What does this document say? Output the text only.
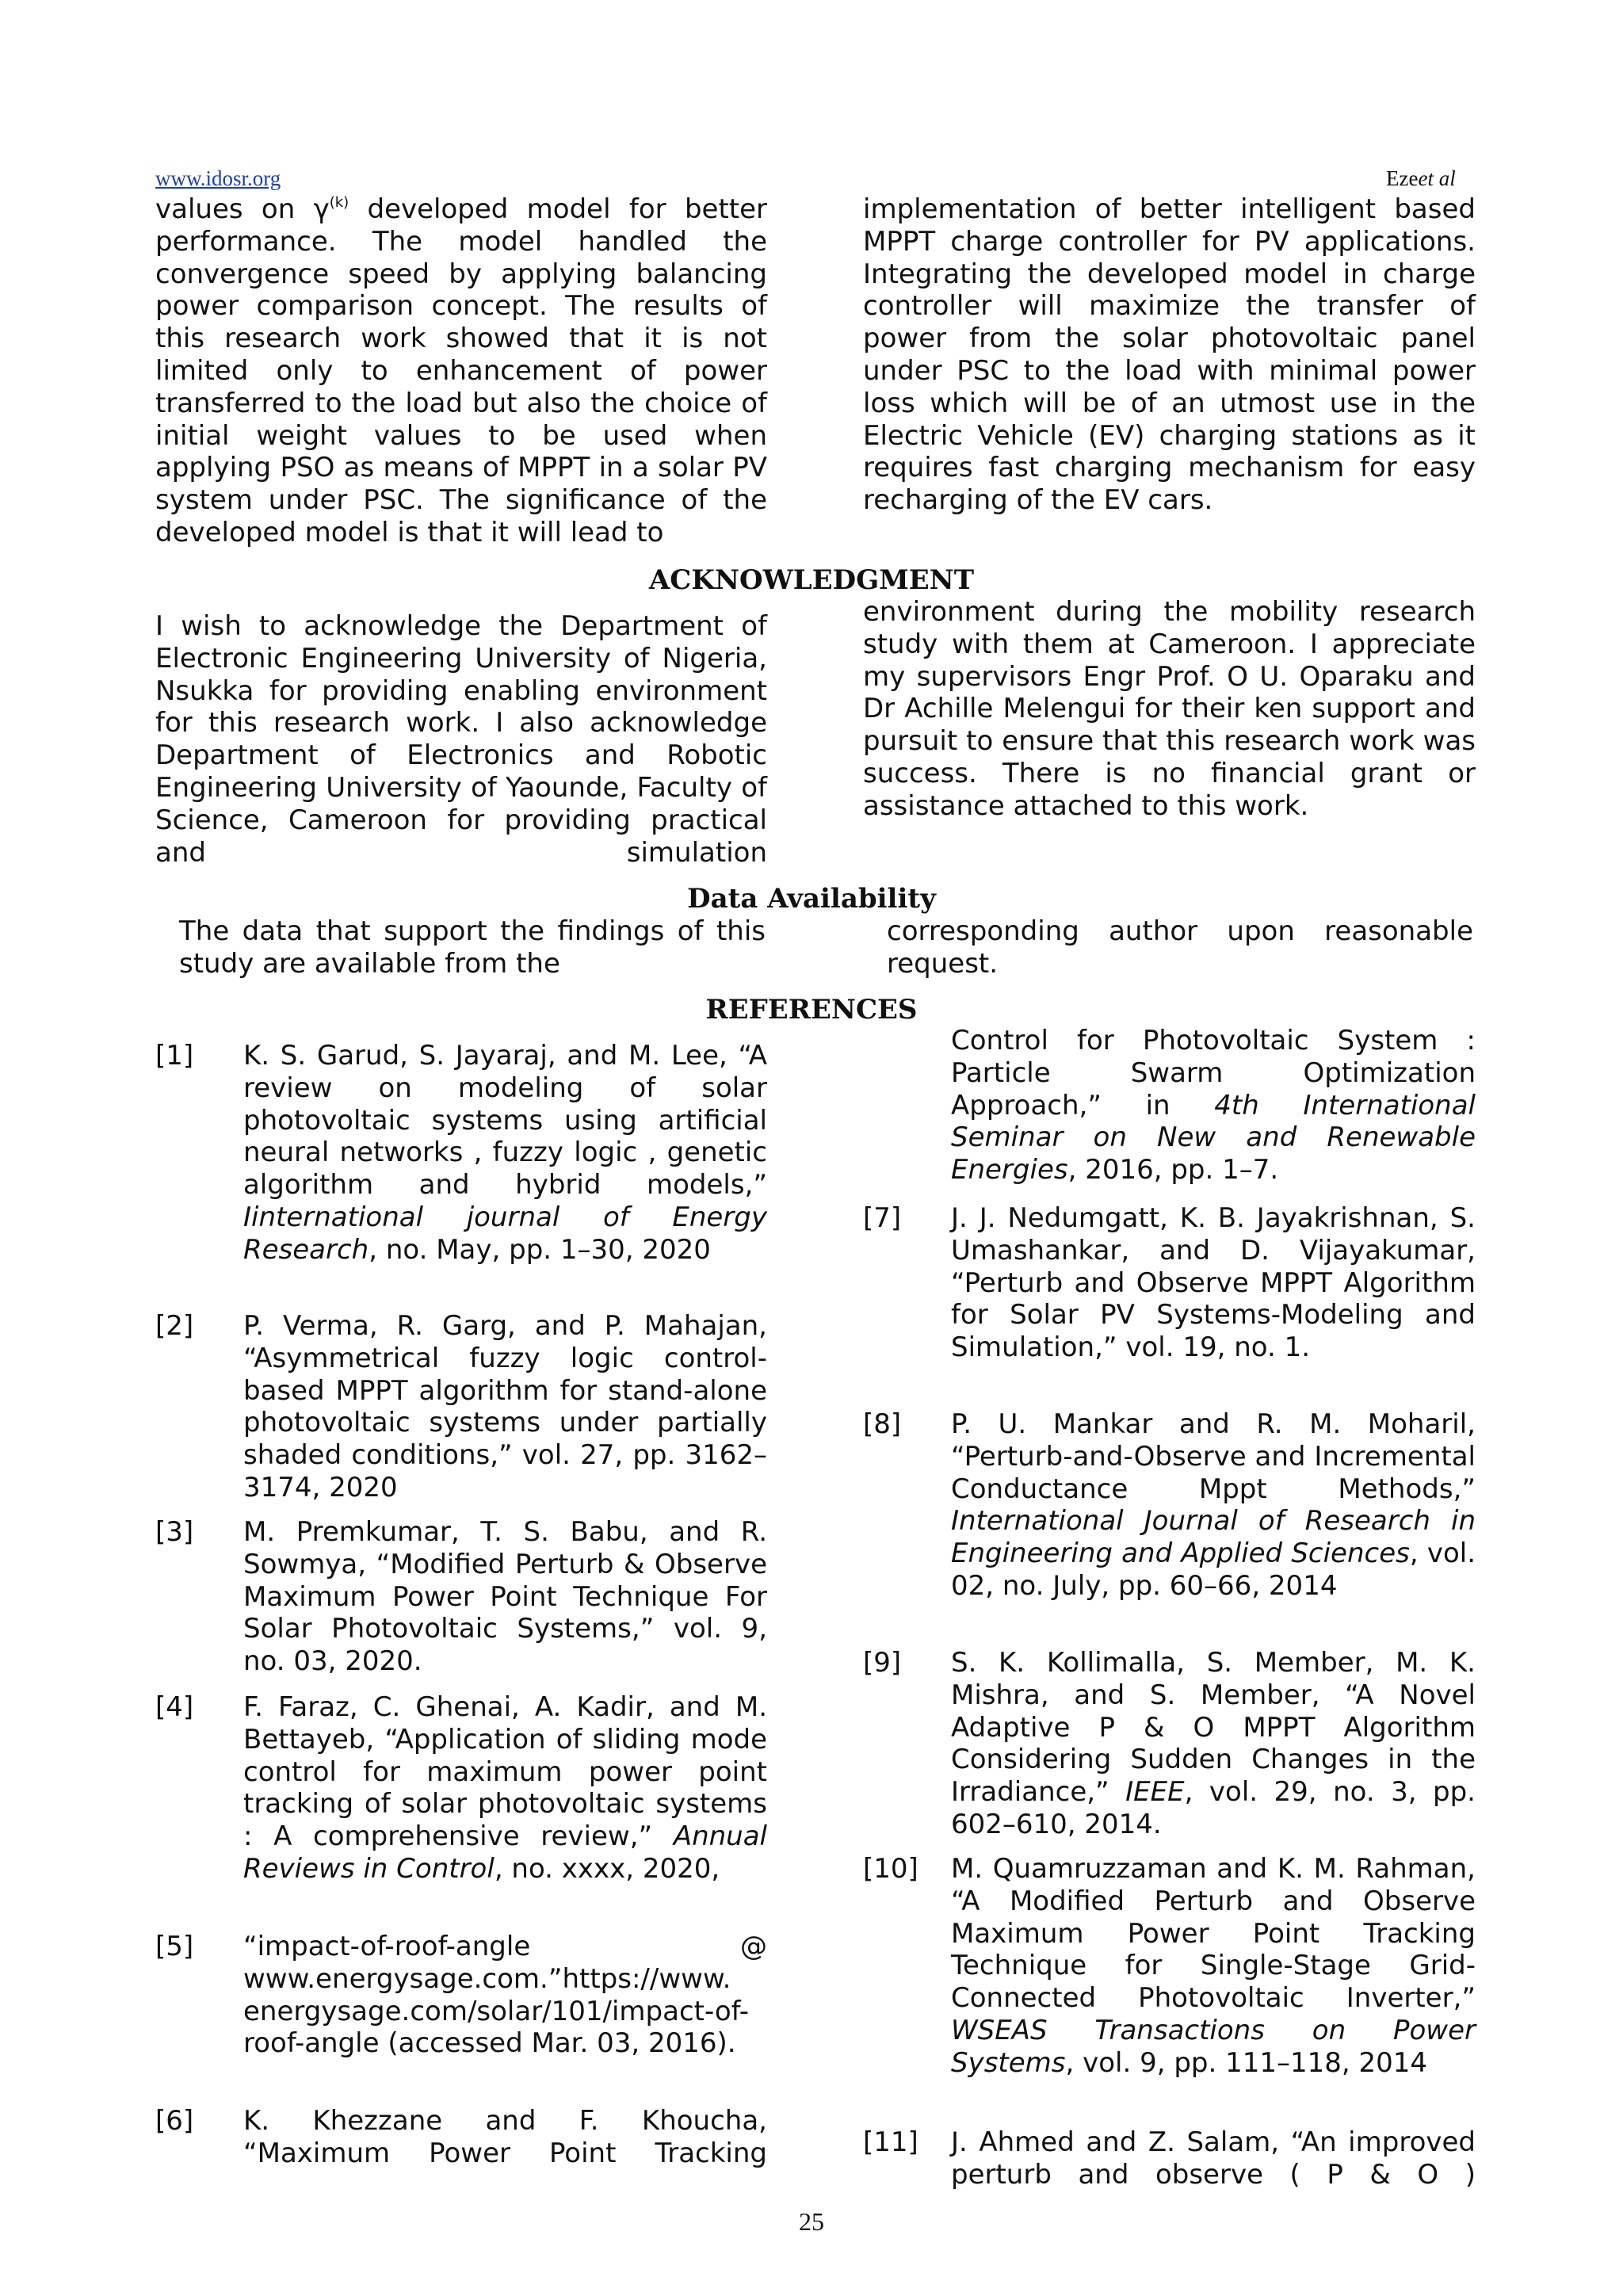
www.idosr.org	Ezeet al

values on $\gamma^{(k)}$ developed model for better performance. The model handled the convergence speed by applying balancing power comparison concept. The results of this research work showed that it is not limited only to enhancement of power transferred to the load but also the choice of initial weight values to be used when applying PSO as means of MPPT in a solar PV system under PSC. The significance of the developed model is that it will lead to

implementation of better intelligent based MPPT charge controller for PV applications. Integrating the developed model in charge controller will maximize the transfer of power from the solar photovoltaic panel under PSC to the load with minimal power loss which will be of an utmost use in the Electric Vehicle (EV) charging stations as it requires fast charging mechanism for easy recharging of the EV cars.

ACKNOWLEDGMENT

I wish to acknowledge the Department of Electronic Engineering University of Nigeria, Nsukka for providing enabling environment for this research work. I also acknowledge Department of Electronics and Robotic Engineering University of Yaounde, Faculty of Science, Cameroon for providing practical and simulation

environment during the mobility research study with them at Cameroon. I appreciate my supervisors Engr Prof. O U. Oparaku and Dr Achille Melengui for their ken support and pursuit to ensure that this research work was success. There is no financial grant or assistance attached to this work.

Data Availability

The data that support the findings of this study are available from the

corresponding author upon reasonable request.

REFERENCES
[1] K. S. Garud, S. Jayaraj, and M. Lee, “A review on modeling of solar photovoltaic systems using artificial neural networks , fuzzy logic , genetic algorithm and hybrid models,” Iinternational journal of Energy Research, no. May, pp. 1–30, 2020
[2] P. Verma, R. Garg, and P. Mahajan, “Asymmetrical fuzzy logic control-based MPPT algorithm for stand-alone photovoltaic systems under partially shaded conditions,” vol. 27, pp. 3162–3174, 2020
[3] M. Premkumar, T. S. Babu, and R. Sowmya, “Modified Perturb & Observe Maximum Power Point Technique For Solar Photovoltaic Systems,” vol. 9, no. 03, 2020.
[4] F. Faraz, C. Ghenai, A. Kadir, and M. Bettayeb, “Application of sliding mode control for maximum power point tracking of solar photovoltaic systems : A comprehensive review,” Annual Reviews in Control, no. xxxx, 2020,
[5] “impact-of-roof-angle @ www.energysage.com.”https://www. energysage.com/solar/101/impact-of-roof-angle (accessed Mar. 03, 2016).
[6] K. Khezzane and F. Khoucha, “Maximum Power Point Tracking
Control for Photovoltaic System : Particle Swarm Optimization Approach,” in 4th International Seminar on New and Renewable Energies, 2016, pp. 1–7.
[7] J. J. Nedumgatt, K. B. Jayakrishnan, S. Umashankar, and D. Vijayakumar, “Perturb and Observe MPPT Algorithm for Solar PV Systems-Modeling and Simulation,” vol. 19, no. 1.
[8] P. U. Mankar and R. M. Moharil, “Perturb-and-Observe and Incremental Conductance Mppt Methods,” International Journal of Research in Engineering and Applied Sciences, vol. 02, no. July, pp. 60–66, 2014
[9] S. K. Kollimalla, S. Member, M. K. Mishra, and S. Member, “A Novel Adaptive P & O MPPT Algorithm Considering Sudden Changes in the Irradiance,” IEEE, vol. 29, no. 3, pp. 602–610, 2014.
[10] M. Quamruzzaman and K. M. Rahman, “A Modified Perturb and Observe Maximum Power Point Tracking Technique for Single-Stage Grid-Connected Photovoltaic Inverter,” WSEAS Transactions on Power Systems, vol. 9, pp. 111–118, 2014
[11] J. Ahmed and Z. Salam, “An improved perturb and observe ( P & O )
25
